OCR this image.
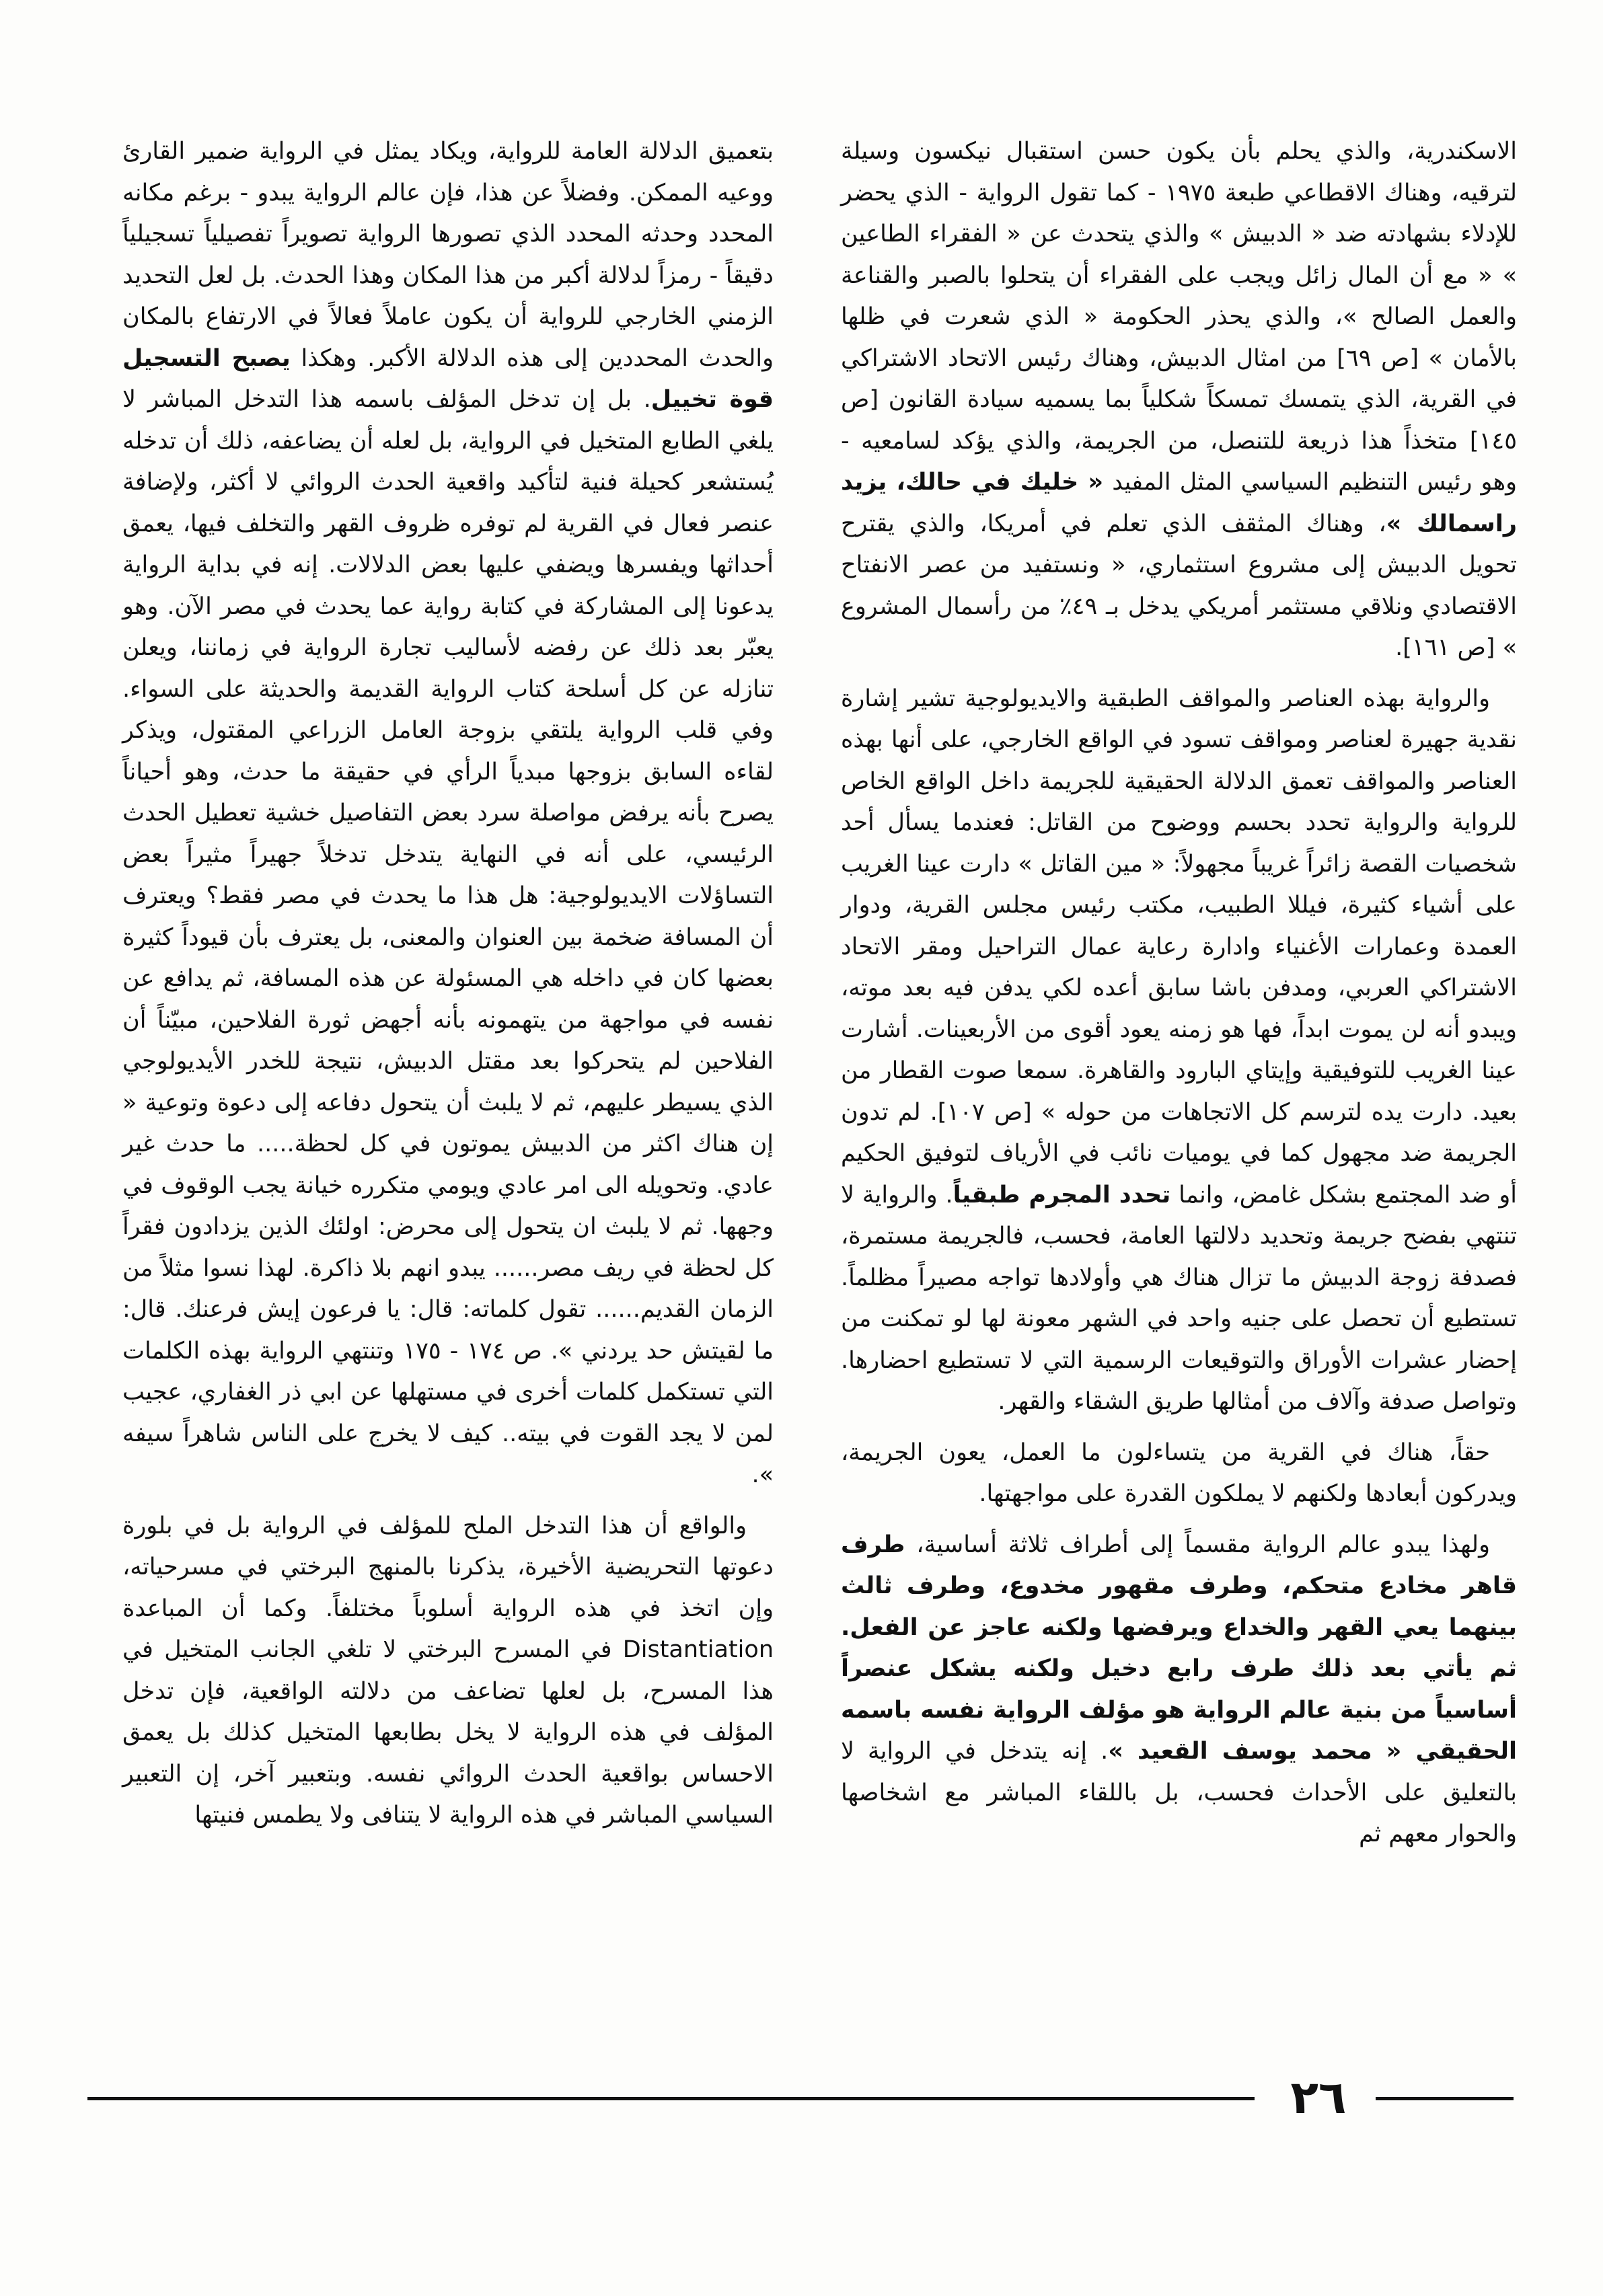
الاسكندرية، والذي يحلم بأن يكون حسن استقبال نيكسون وسيلة لترقيه، وهناك الاقطاعي طبعة ١٩٧٥ - كما تقول الرواية - الذي يحضر للإدلاء بشهادته ضد « الدبيش » والذي يتحدث عن « الفقراء الطاعين » « مع أن المال زائل ويجب على الفقراء أن يتحلوا بالصبر والقناعة والعمل الصالح »، والذي يحذر الحكومة « الذي شعرت في ظلها بالأمان » [ص ٦٩] من امثال الدبيش، وهناك رئيس الاتحاد الاشتراكي في القرية، الذي يتمسك تمسكاً شكلياً بما يسميه سيادة القانون [ص ١٤٥] متخذاً هذا ذريعة للتنصل، من الجريمة، والذي يؤكد لسامعيه - وهو رئيس التنظيم السياسي المثل المفيد « خليك في حالك، يزيد راسمالك »، وهناك المثقف الذي تعلم في أمريكا، والذي يقترح تحويل الدبيش إلى مشروع استثماري، « ونستفيد من عصر الانفتاح الاقتصادي ونلاقي مستثمر أمريكي يدخل بـ ٤٩٪ من رأسمال المشروع » [ص ١٦١].

والرواية بهذه العناصر والمواقف الطبقية والايديولوجية تشير إشارة نقدية جهيرة لعناصر ومواقف تسود في الواقع الخارجي، على أنها بهذه العناصر والمواقف تعمق الدلالة الحقيقية للجريمة داخل الواقع الخاص للرواية والرواية تحدد بحسم ووضوح من القاتل: فعندما يسأل أحد شخصيات القصة زائراً غريباً مجهولاً: « مين القاتل » دارت عينا الغريب على أشياء كثيرة، فيللا الطبيب، مكتب رئيس مجلس القرية، ودوار العمدة وعمارات الأغنياء وادارة رعاية عمال التراحيل ومقر الاتحاد الاشتراكي العربي، ومدفن باشا سابق أعده لكي يدفن فيه بعد موته، ويبدو أنه لن يموت ابداً، فها هو زمنه يعود أقوى من الأربعينات. أشارت عينا الغريب للتوفيقية وإيتاي البارود والقاهرة. سمعا صوت القطار من بعيد. دارت يده لترسم كل الاتجاهات من حوله » [ص ١٠٧]. لم تدون الجريمة ضد مجهول كما في يوميات نائب في الأرياف لتوفيق الحكيم أو ضد المجتمع بشكل غامض، وانما تحدد المجرم طبقياً. والرواية لا تنتهي بفضح جريمة وتحديد دلالتها العامة، فحسب، فالجريمة مستمرة، فصدفة زوجة الدبيش ما تزال هناك هي وأولادها تواجه مصيراً مظلماً. تستطيع أن تحصل على جنيه واحد في الشهر معونة لها لو تمكنت من إحضار عشرات الأوراق والتوقيعات الرسمية التي لا تستطيع احضارها. وتواصل صدفة وآلاف من أمثالها طريق الشقاء والقهر.

حقاً، هناك في القرية من يتساءلون ما العمل، يعون الجريمة، ويدركون أبعادها ولكنهم لا يملكون القدرة على مواجهتها.

ولهذا يبدو عالم الرواية مقسماً إلى أطراف ثلاثة أساسية، طرف قاهر مخادع متحكم، وطرف مقهور مخدوع، وطرف ثالث بينهما يعي القهر والخداع ويرفضها ولكنه عاجز عن الفعل. ثم يأتي بعد ذلك طرف رابع دخيل ولكنه يشكل عنصراً أساسياً من بنية عالم الرواية هو مؤلف الرواية نفسه باسمه الحقيقي « محمد يوسف القعيد ». إنه يتدخل في الرواية لا بالتعليق على الأحداث فحسب، بل باللقاء المباشر مع اشخاصها والحوار معهم ثم

بتعميق الدلالة العامة للرواية، ويكاد يمثل في الرواية ضمير القارئ ووعيه الممكن. وفضلاً عن هذا، فإن عالم الرواية يبدو - برغم مكانه المحدد وحدثه المحدد الذي تصورها الرواية تصويراً تفصيلياً تسجيلياً دقيقاً - رمزاً لدلالة أكبر من هذا المكان وهذا الحدث. بل لعل التحديد الزمني الخارجي للرواية أن يكون عاملاً فعالاً في الارتفاع بالمكان والحدث المحددين إلى هذه الدلالة الأكبر. وهكذا يصبح التسجيل قوة تخييل. بل إن تدخل المؤلف باسمه هذا التدخل المباشر لا يلغي الطابع المتخيل في الرواية، بل لعله أن يضاعفه، ذلك أن تدخله يُستشعر كحيلة فنية لتأكيد واقعية الحدث الروائي لا أكثر، ولإضافة عنصر فعال في القرية لم توفره ظروف القهر والتخلف فيها، يعمق أحداثها ويفسرها ويضفي عليها بعض الدلالات. إنه في بداية الرواية يدعونا إلى المشاركة في كتابة رواية عما يحدث في مصر الآن. وهو يعبّر بعد ذلك عن رفضه لأساليب تجارة الرواية في زماننا، ويعلن تنازله عن كل أسلحة كتاب الرواية القديمة والحديثة على السواء. وفي قلب الرواية يلتقي بزوجة العامل الزراعي المقتول، ويذكر لقاءه السابق بزوجها مبدياً الرأي في حقيقة ما حدث، وهو أحياناً يصرح بأنه يرفض مواصلة سرد بعض التفاصيل خشية تعطيل الحدث الرئيسي، على أنه في النهاية يتدخل تدخلاً جهيراً مثيراً بعض التساؤلات الايديولوجية: هل هذا ما يحدث في مصر فقط؟ ويعترف أن المسافة ضخمة بين العنوان والمعنى، بل يعترف بأن قيوداً كثيرة بعضها كان في داخله هي المسئولة عن هذه المسافة، ثم يدافع عن نفسه في مواجهة من يتهمونه بأنه أجهض ثورة الفلاحين، مبيّناً أن الفلاحين لم يتحركوا بعد مقتل الدبيش، نتيجة للخدر الأيديولوجي الذي يسيطر عليهم، ثم لا يلبث أن يتحول دفاعه إلى دعوة وتوعية « إن هناك اكثر من الدبيش يموتون في كل لحظة..... ما حدث غير عادي. وتحويله الى امر عادي ويومي متكرره خيانة يجب الوقوف في وجهها. ثم لا يلبث ان يتحول إلى محرض: اولئك الذين يزدادون فقراً كل لحظة في ريف مصر...... يبدو انهم بلا ذاكرة. لهذا نسوا مثلاً من الزمان القديم...... تقول كلماته: قال: يا فرعون إيش فرعنك. قال: ما لقيتش حد يردني ». ص ١٧٤ - ١٧٥ وتنتهي الرواية بهذه الكلمات التي تستكمل كلمات أخرى في مستهلها عن ابي ذر الغفاري، عجيب لمن لا يجد القوت في بيته.. كيف لا يخرج على الناس شاهراً سيفه ».

والواقع أن هذا التدخل الملح للمؤلف في الرواية بل في بلورة دعوتها التحريضية الأخيرة، يذكرنا بالمنهج البرختي في مسرحياته، وإن اتخذ في هذه الرواية أسلوباً مختلفاً. وكما أن المباعدة Distantiation في المسرح البرختي لا تلغي الجانب المتخيل في هذا المسرح، بل لعلها تضاعف من دلالته الواقعية، فإن تدخل المؤلف في هذه الرواية لا يخل بطابعها المتخيل كذلك بل يعمق الاحساس بواقعية الحدث الروائي نفسه. وبتعبير آخر، إن التعبير السياسي المباشر في هذه الرواية لا يتنافى ولا يطمس فنيتها

٢٦
